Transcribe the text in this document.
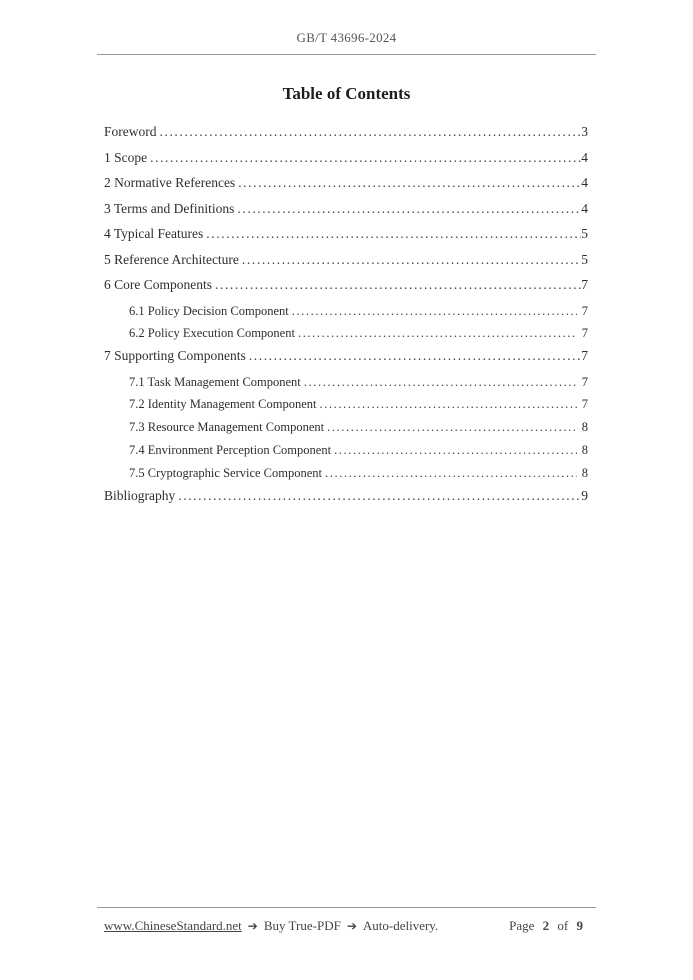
GB/T 43696-2024
Table of Contents
Foreword .....	3
1 Scope .....	4
2 Normative References .....	4
3 Terms and Definitions .....	4
4 Typical Features .....	5
5 Reference Architecture .....	5
6 Core Components .....	7
6.1 Policy Decision Component .....	7
6.2 Policy Execution Component .....	7
7 Supporting Components .....	7
7.1 Task Management Component .....	7
7.2 Identity Management Component .....	7
7.3 Resource Management Component .....	8
7.4 Environment Perception Component .....	8
7.5 Cryptographic Service Component .....	8
Bibliography .....	9
www.ChineseStandard.net ➔ Buy True-PDF ➔ Auto-delivery.	Page 2 of 9
